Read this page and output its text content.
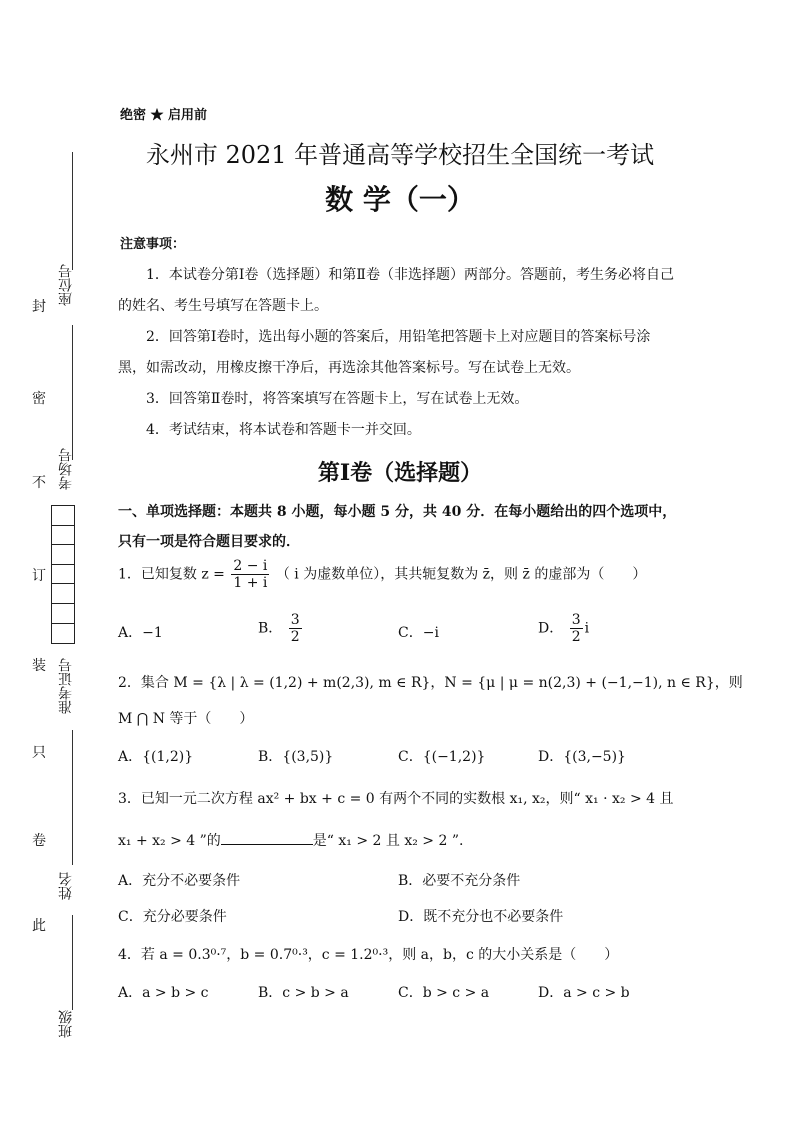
座位号
考场号
准考证号
姓名
班级
封
密
不
订
装
只
卷
此
绝密 ★ 启用前
永州市 2021 年普通高等学校招生全国统一考试
数 学（一）
注意事项：
1．本试卷分第Ⅰ卷（选择题）和第Ⅱ卷（非选择题）两部分。答题前，考生务必将自己的姓名、考生号填写在答题卡上。
2．回答第Ⅰ卷时，选出每小题的答案后，用铅笔把答题卡上对应题目的答案标号涂黑，如需改动，用橡皮擦干净后，再选涂其他答案标号。写在试卷上无效。
3．回答第Ⅱ卷时，将答案填写在答题卡上，写在试卷上无效。
4．考试结束，将本试卷和答题卡一并交回。
第Ⅰ卷（选择题）
一、单项选择题：本题共 8 小题，每小题 5 分，共 40 分．在每小题给出的四个选项中，只有一项是符合题目要求的．
1．已知复数 $z = \frac{2 - i}{1 + i}$ （ i 为虚数单位），其共轭复数为 z̄，则 z̄ 的虚部为（　　）
A．−1	B． $\frac{3}{2}$	C．−i	D． $\frac{3}{2}$ i
2．集合 M = {λ | λ = (1,2) + m(2,3), m ∈ R}，N = {μ | μ = n(2,3) + (−1,−1), n ∈ R}，则
M ⋂ N 等于（　　）
A．{(1,2)}	B．{(3,5)}	C．{(−1,2)}	D．{(3,−5)}
3．已知一元二次方程 ax² + bx + c = 0 有两个不同的实数根 x₁, x₂，则“ x₁ · x₂ > 4 且
x₁ + x₂ > 4 ”的	是“ x₁ > 2 且 x₂ > 2 ”.
A．充分不必要条件	B．必要不充分条件
C．充分必要条件	D．既不充分也不必要条件
4．若 a = 0.3⁰·⁷，b = 0.7⁰·³，c = 1.2⁰·³，则 a，b，c 的大小关系是（　　）
A．a > b > c	B．c > b > a	C．b > c > a	D．a > c > b
